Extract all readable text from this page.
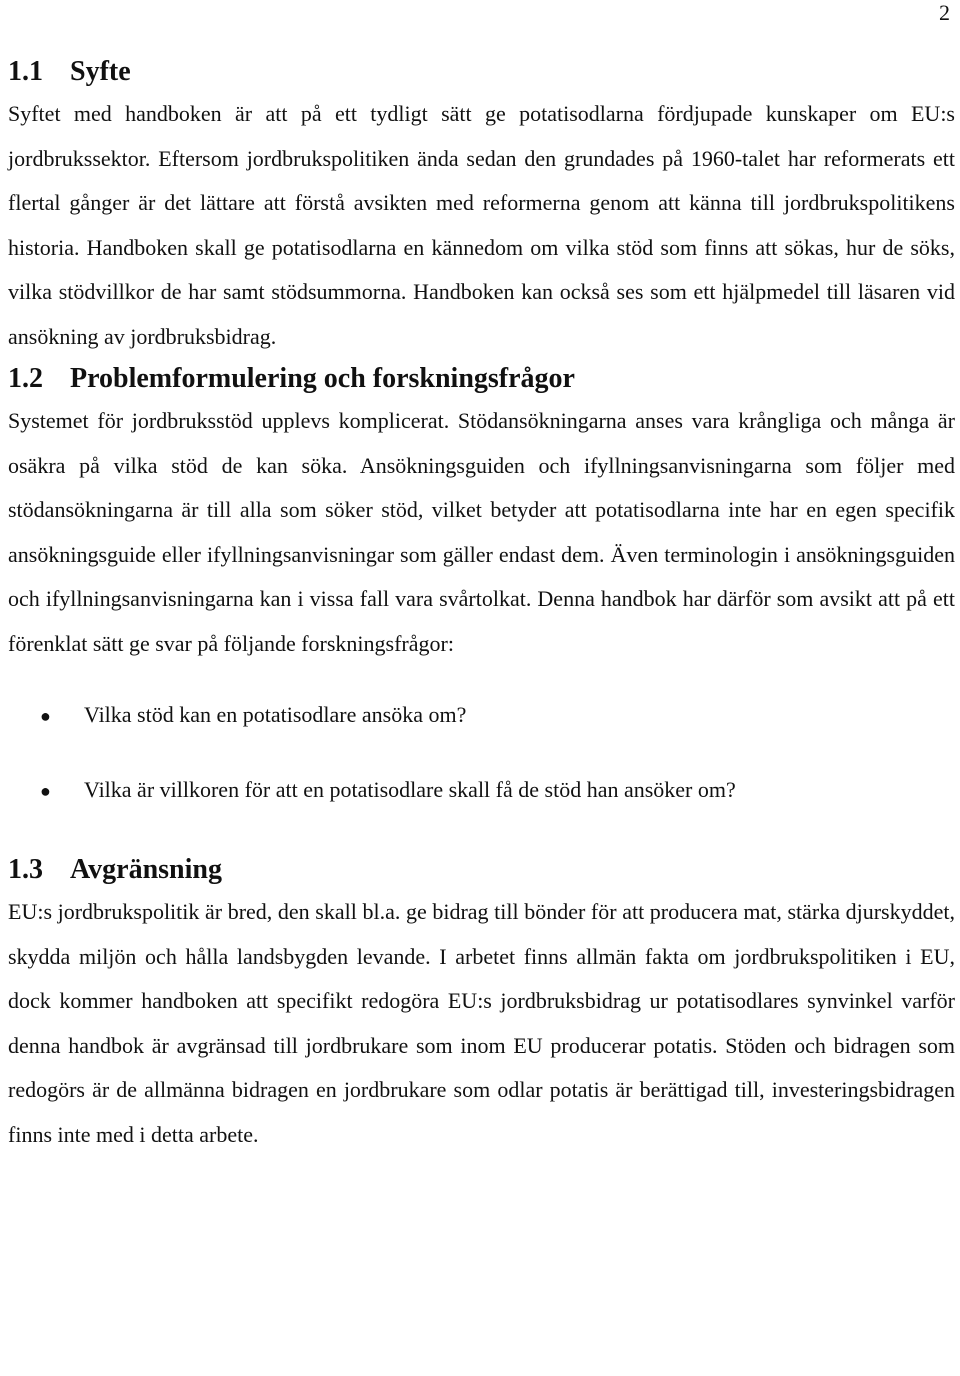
2
1.1 Syfte

Syftet med handboken är att på ett tydligt sätt ge potatisodlarna fördjupade kunskaper om EU:s jordbrukssektor. Eftersom jordbrukspolitiken ända sedan den grundades på 1960-talet har reformerats ett flertal gånger är det lättare att förstå avsikten med reformerna genom att känna till jordbrukspolitikens historia. Handboken skall ge potatisodlarna en kännedom om vilka stöd som finns att sökas, hur de söks, vilka stödvillkor de har samt stödsummorna. Handboken kan också ses som ett hjälpmedel till läsaren vid ansökning av jordbruksbidrag.

1.2 Problemformulering och forskningsfrågor

Systemet för jordbruksstöd upplevs komplicerat. Stödansökningarna anses vara krångliga och många är osäkra på vilka stöd de kan söka. Ansökningsguiden och ifyllningsanvisningarna som följer med stödansökningarna är till alla som söker stöd, vilket betyder att potatisodlarna inte har en egen specifik ansökningsguide eller ifyllningsanvisningar som gäller endast dem. Även terminologin i ansökningsguiden och ifyllningsanvisningarna kan i vissa fall vara svårtolkat. Denna handbok har därför som avsikt att på ett förenklat sätt ge svar på följande forskningsfrågor:

●	Vilka stöd kan en potatisodlare ansöka om?
●	Vilka är villkoren för att en potatisodlare skall få de stöd han ansöker om?
1.3 Avgränsning

EU:s jordbrukspolitik är bred, den skall bl.a. ge bidrag till bönder för att producera mat, stärka djurskyddet, skydda miljön och hålla landsbygden levande. I arbetet finns allmän fakta om jordbrukspolitiken i EU, dock kommer handboken att specifikt redogöra EU:s jordbruksbidrag ur potatisodlares synvinkel varför denna handbok är avgränsad till jordbrukare som inom EU producerar potatis. Stöden och bidragen som redogörs är de allmänna bidragen en jordbrukare som odlar potatis är berättigad till, investeringsbidragen finns inte med i detta arbete.
